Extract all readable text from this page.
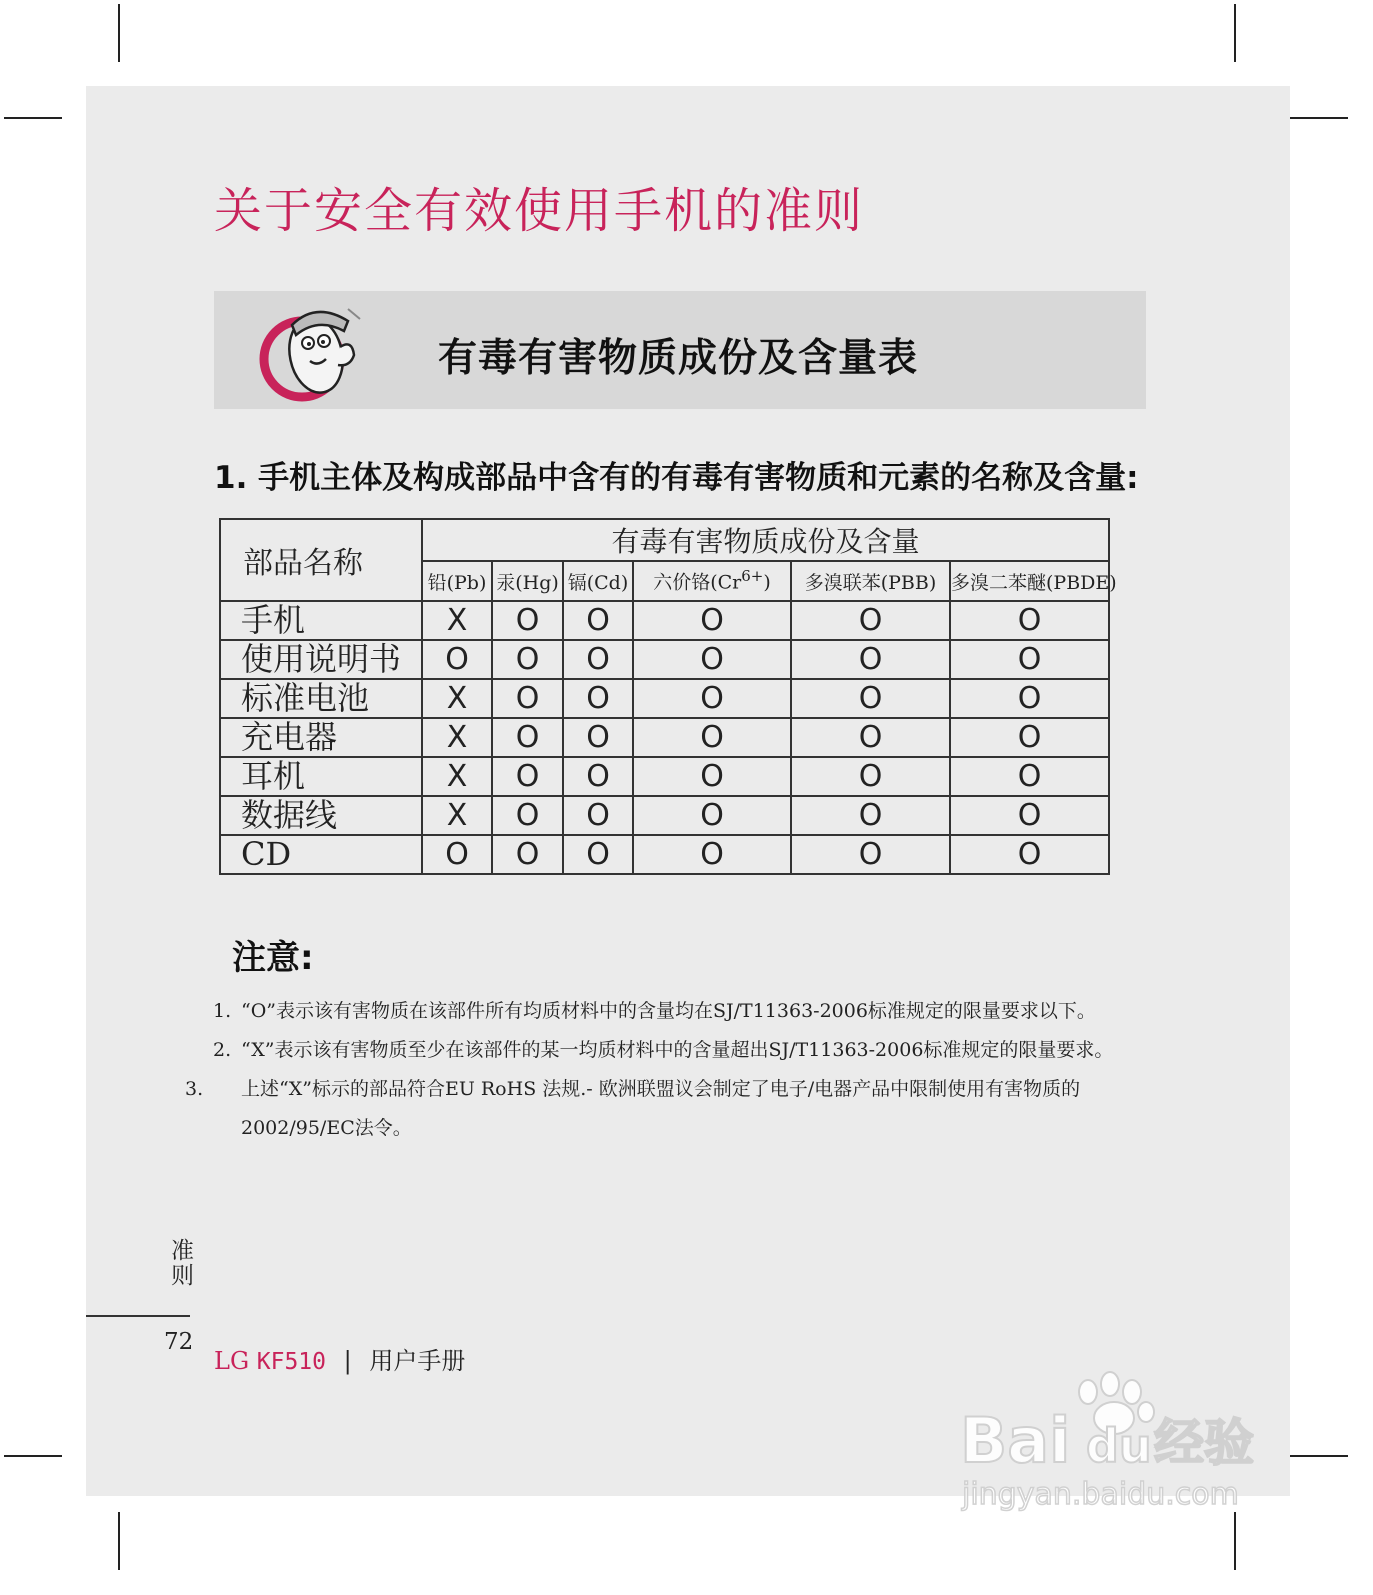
关于安全有效使用手机的准则
有毒有害物质成份及含量表
1. 手机主体及构成部品中含有的有毒有害物质和元素的名称及含量:
部品名称	有毒有害物质成份及含量					
	铅(Pb)	汞(Hg)	镉(Cd)	六价铬$(Cr^{6+})$	多溴联苯(PBB)	多溴二苯醚(PBDE)
手机	X	O	O	O	O	O
使用说明书	O	O	O	O	O	O
标准电池	X	O	O	O	O	O
充电器	X	O	O	O	O	O
耳机	X	O	O	O	O	O
数据线	X	O	O	O	O	O
CD	O	O	O	O	O	O
注意:
1. “O”表示该有害物质在该部件所有均质材料中的含量均在SJ/T11363-2006标准规定的限量要求以下。
2. “X”表示该有害物质至少在该部件的某一均质材料中的含量超出SJ/T11363-2006标准规定的限量要求。
3. 上述“X”标示的部品符合EU RoHS 法规.- 欧洲联盟议会制定了电子/电器产品中限制使用有害物质的 2002/95/EC法令。
准则
72
LG KF510 | 用户手册
Bai du 经验
jingyan.baidu.com
